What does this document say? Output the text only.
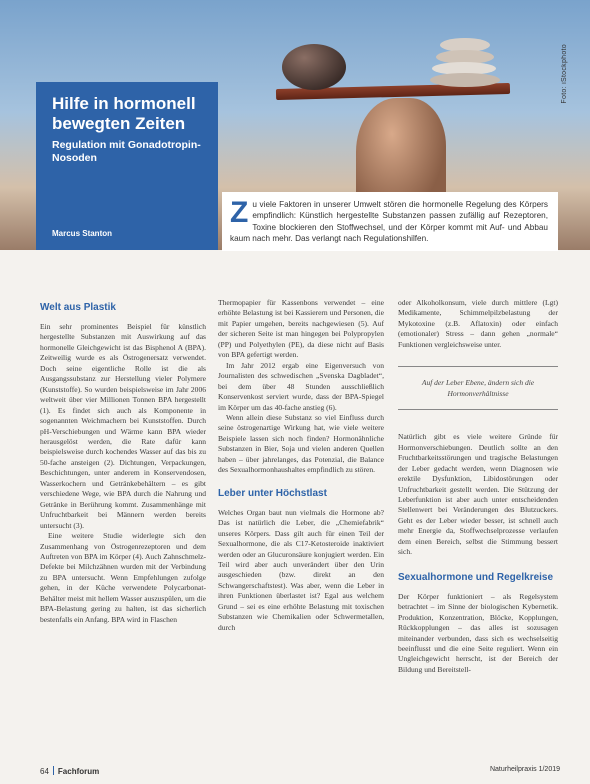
Foto: iStockphoto
Hilfe in hormonell bewegten Zeiten
Regulation mit Gonadotropin-Nosoden
Marcus Stanton
Z u viele Faktoren in unserer Umwelt stören die hormonelle Regelung des Körpers empfindlich: Künstlich hergestellte Substanzen passen zufällig auf Rezeptoren, Toxine blockieren den Stoffwechsel, und der Körper kommt mit Auf- und Abbau kaum nach mehr. Das verlangt nach Regulationshilfen.
Welt aus Plastik

Ein sehr prominentes Beispiel für künstlich hergestellte Substanzen mit Auswirkung auf das hormonelle Gleichgewicht ist das Bisphenol A (BPA). Zeitweilig wurde es als Östrogenersatz verwendet. Doch seine eigentliche Rolle ist die als Ausgangssubstanz zur Herstellung vieler Polymere (Kunststoffe). So wurden beispielsweise im Jahr 2006 weltweit über vier Millionen Tonnen BPA hergestellt (1). Es findet sich auch als Komponente in sogenannten Weichmachern bei Kunststoffen. Durch pH-Verschiebungen und Wärme kann BPA wieder herausgelöst werden, die Rate dafür kann beispielsweise durch kochendes Wasser auf das bis zu 50-fache ansteigen (2). Dichtungen, Verpackungen, Beschichtungen, unter anderem in Konservendosen, Wasserkochern und Getränkebehältern – es gibt verschiedene Wege, wie BPA durch die Nahrung und Getränke in Berührung kommt. Zusammenhänge mit Unfruchtbarkeit bei Männern werden bereits untersucht (3).

Eine weitere Studie widerlegte sich den Zusammenhang von Östrogenrezeptoren und dem Auftreten von BPA im Körper (4). Auch Zahnschmelz-Defekte bei Milchzähnen wurden mit der Verbindung zu BPA untersucht. Wenn Empfehlungen zufolge gehen, in der Küche verwendete Polycarbonat-Behälter meist mit hellem Wasser auszuspülen, um die BPA-Belastung gering zu halten, ist das sicherlich bestenfalls ein Anfang. BPA wird in Flaschen

Thermopapier für Kassenbons verwendet – eine erhöhte Belastung ist bei Kassierern und Personen, die mit Papier umgehen, bereits nachgewiesen (5). Auf der sicheren Seite ist man hingegen bei Polypropylen (PP) und Polyethylen (PE), da diese nicht auf Basis von BPA gefertigt werden.

Im Jahr 2012 ergab eine Eigenversuch von Journalisten des schwedischen „Svenska Dagbladet“, bei dem über 48 Stunden ausschließlich Konservenkost serviert wurde, dass der BPA-Spiegel im Körper um das 40-fache anstieg (6).

Wenn allein diese Substanz so viel Einfluss durch seine östrogenartige Wirkung hat, wie viele weitere Beispiele lassen sich noch finden? Hormonähnliche Substanzen in Bier, Soja und vielen anderen Quellen haben – über jahrelanges, das Potenzial, die Balance des Sexualhormonhaushaltes empfindlich zu stören.

Leber unter Höchstlast

Welches Organ baut nun vielmals die Hormone ab? Das ist natürlich die Leber, die „Chemiefabrik“ unseres Körpers. Dass gilt auch für einen Teil der Sexualhormone, die als C17-Ketosteroide inaktiviert werden oder an Glucuronsäure konjugiert werden. Ein Teil wird aber auch unverändert über den Urin ausgeschieden (bzw. direkt an den Schwangerschaftstest). Was aber, wenn die Leber in ihren Funktionen überlastet ist? Egal aus welchem Grund – sei es eine erhöhte Belastung mit toxischen Substanzen wie Chemikalien oder Schwermetallen, durch

oder Alkoholkonsum, viele durch mittlere (Lgt) Medikamente, Schimmelpilzbelastung der Mykotoxine (z.B. Aflatoxin) oder einfach (emotionaler) Stress – dann gehen „normale“ Funktionen vergleichsweise unter.

Auf der Leber Ebene, ändern sich die Hormonverhältnisse

Natürlich gibt es viele weitere Gründe für Hormonverschiebungen. Deutlich sollte an den Fruchtbarkeitsstörungen und tragische Belastungen der Leber gedacht werden, wenn Diagnosen wie erektile Dysfunktion, Libidostörungen oder Unfruchtbarkeit gestellt werden. Die Stützung der Leberfunktion ist aber auch unter entscheidenden Stellenwert bei Veränderungen des Blutzuckers. Geht es der Leber wieder besser, ist schnell auch mehr Energie da, Stoffwechselprozesse verlaufen dem einen Bereich, selbst die Stimmung bessert sich.

Sexualhormone und Regelkreise

Der Körper funktioniert – als Regelsystem betrachtet – im Sinne der biologischen Kybernetik. Produktion, Konzentration, Blöcke, Kopplungen, Rückkopplungen – das alles ist sozusagen miteinander verbunden, dass sich es wechselseitig beeinflusst und die eine Seite reguliert. Wenn ein Ungleichgewicht herrscht, ist der Bereich der Bildung und Bereitstell-

64 Fachforum	Naturheilpraxis 1/2019
